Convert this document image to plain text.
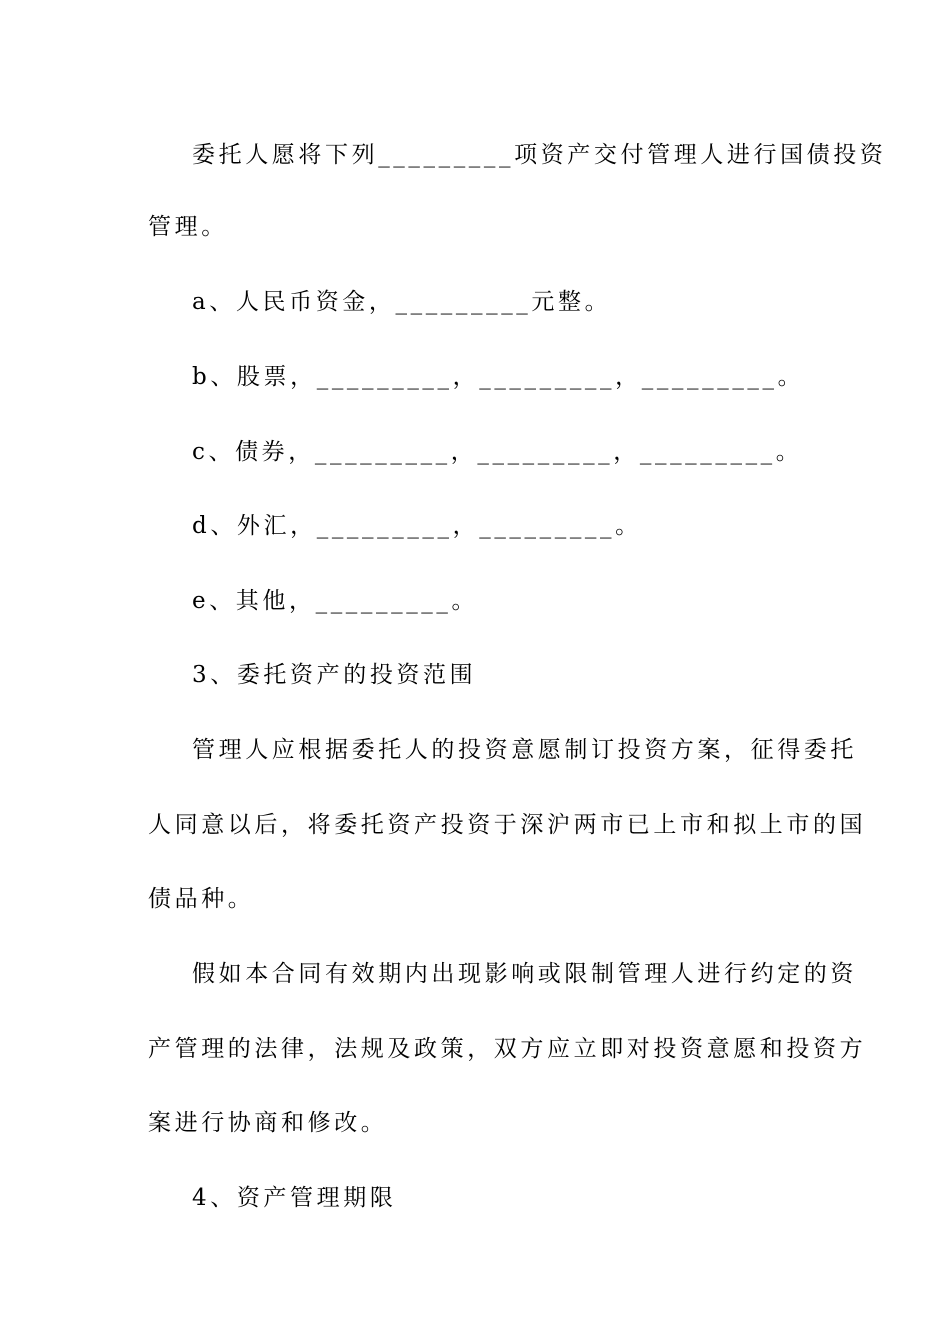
委托人愿将下列_________项资产交付管理人进行国债投资

管理。

a、人民币资金，_________元整。

b、股票，_________，_________，_________。

c、债券，_________，_________，_________。

d、外汇，_________，_________。

e、其他，_________。

3、委托资产的投资范围

管理人应根据委托人的投资意愿制订投资方案，征得委托

人同意以后，将委托资产投资于深沪两市已上市和拟上市的国

债品种。

假如本合同有效期内出现影响或限制管理人进行约定的资

产管理的法律，法规及政策，双方应立即对投资意愿和投资方

案进行协商和修改。

4、资产管理期限
